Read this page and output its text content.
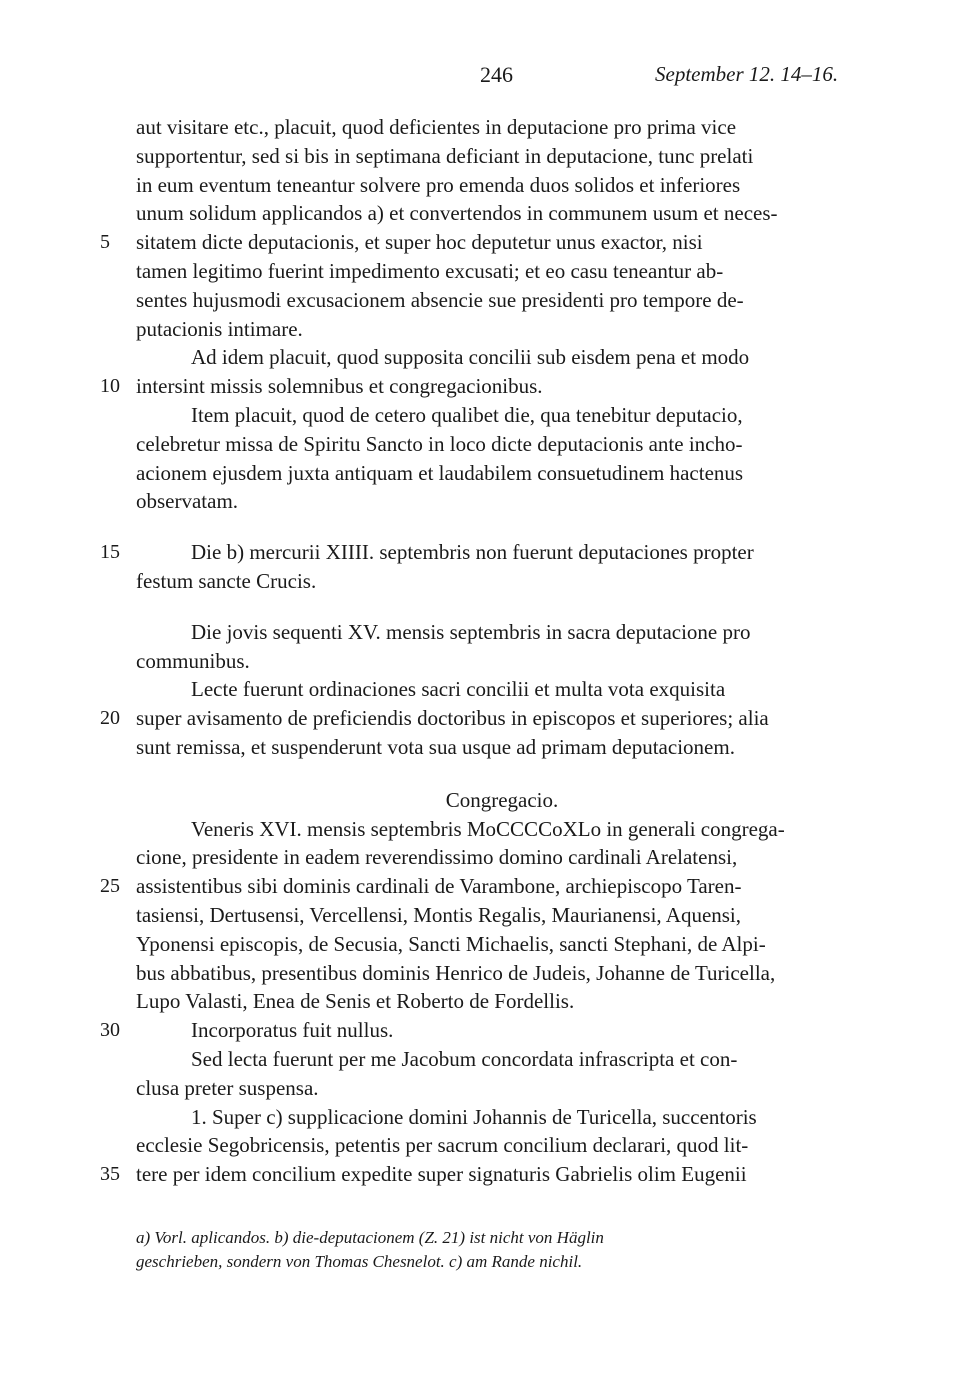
246	September 12. 14–16.
aut visitare etc., placuit, quod deficientes in deputacione pro prima vice
supportentur, sed si bis in septimana deficiant in deputacione, tunc prelati
in eum eventum teneantur solvere pro emenda duos solidos et inferiores
unum solidum applicandos a) et convertendos in communem usum et neces-
sitatem dicte deputacionis, et super hoc deputetur unus exactor, nisi
5
tamen legitimo fuerint impedimento excusati; et eo casu teneantur ab-
sentes hujusmodi excusacionem absencie sue presidenti pro tempore de-
putacionis intimare.
Ad idem placuit, quod supposita concilii sub eisdem pena et modo
intersint missis solemnibus et congregacionibus.
10
Item placuit, quod de cetero qualibet die, qua tenebitur deputacio,
celebretur missa de Spiritu Sancto in loco dicte deputacionis ante incho-
acionem ejusdem juxta antiquam et laudabilem consuetudinem hactenus
observatam.
Die b) mercurii XIIII. septembris non fuerunt deputaciones propter
15
festum sancte Crucis.
Die jovis sequenti XV. mensis septembris in sacra deputacione pro
communibus.
Lecte fuerunt ordinaciones sacri concilii et multa vota exquisita
super avisamento de preficiendis doctoribus in episcopos et superiores; alia
20
sunt remissa, et suspenderunt vota sua usque ad primam deputacionem.
Congregacio.
Veneris XVI. mensis septembris MoCCCCoXLo in generali congrega-
cione, presidente in eadem reverendissimo domino cardinali Arelatensi,
assistentibus sibi dominis cardinali de Varambone, archiepiscopo Taren-
25
tasiensi, Dertusensi, Vercellensi, Montis Regalis, Maurianensi, Aquensi,
Yponensi episcopis, de Secusia, Sancti Michaelis, sancti Stephani, de Alpi-
bus abbatibus, presentibus dominis Henrico de Judeis, Johanne de Turicella,
Lupo Valasti, Enea de Senis et Roberto de Fordellis.
Incorporatus fuit nullus.
30
Sed lecta fuerunt per me Jacobum concordata infrascripta et con-
clusa preter suspensa.
1. Super c) supplicacione domini Johannis de Turicella, succentoris
ecclesie Segobricensis, petentis per sacrum concilium declarari, quod lit-
tere per idem concilium expedite super signaturis Gabrielis olim Eugenii
35
a) Vorl. aplicandos. b) die-deputacionem (Z. 21) ist nicht von Häglin
geschrieben, sondern von Thomas Chesnelot. c) am Rande nichil.
